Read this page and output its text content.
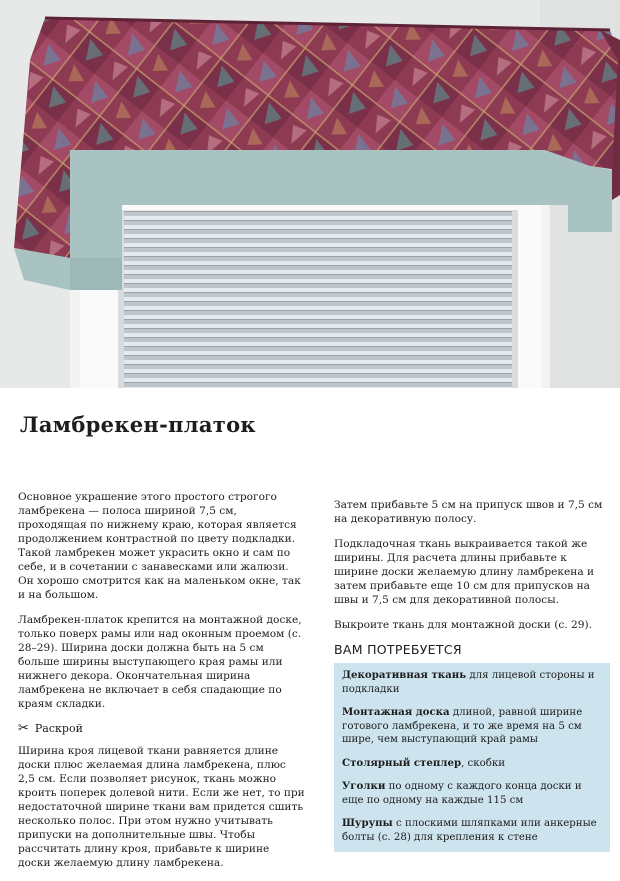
Ламбрекен-платок

Основное украшение этого простого строгого ламбрекена — полоса шириной 7,5 см, проходящая по нижнему краю, которая является продолжением контрастной по цвету подкладки. Такой ламбрекен может украсить окно и сам по себе, и в сочетании с занавесками или жалюзи. Он хорошо смотрится как на маленьком окне, так и на большом.

Ламбрекен-платок крепится на монтажной доске, только поверх рамы или над оконным проемом (с. 28–29). Ширина доски должна быть на 5 см больше ширины выступающего края рамы или нижнего декора. Окончательная ширина ламбрекена не включает в себя спадающие по краям складки.

✂ Раскрой

Ширина кроя лицевой ткани равняется длине доски плюс желаемая длина ламбрекена, плюс 2,5 см. Если позволяет рисунок, ткань можно кроить поперек долевой нити. Если же нет, то при недостаточной ширине ткани вам придется сшить несколько полос. При этом нужно учитывать припуски на дополнительные швы. Чтобы рассчитать длину кроя, прибавьте к ширине доски желаемую длину ламбрекена.

Затем прибавьте 5 см на припуск швов и 7,5 см на декоративную полосу.

Подкладочная ткань выкраивается такой же ширины. Для расчета длины прибавьте к ширине доски желаемую длину ламбрекена и затем прибавьте еще 10 см для припусков на швы и 7,5 см для декоративной полосы.

Выкроите ткань для монтажной доски (с. 29).

ВАМ ПОТРЕБУЕТСЯ
Декоративная ткань для лицевой стороны и подкладки
Монтажная доска длиной, равной ширине готового ламбрекена, и то же время на 5 см шире, чем выступающий край рамы
Столярный степлер, скобки
Уголки по одному с каждого конца доски и еще по одному на каждые 115 см
Шурупы с плоскими шляпками или анкерные болты (с. 28) для крепления к стене
